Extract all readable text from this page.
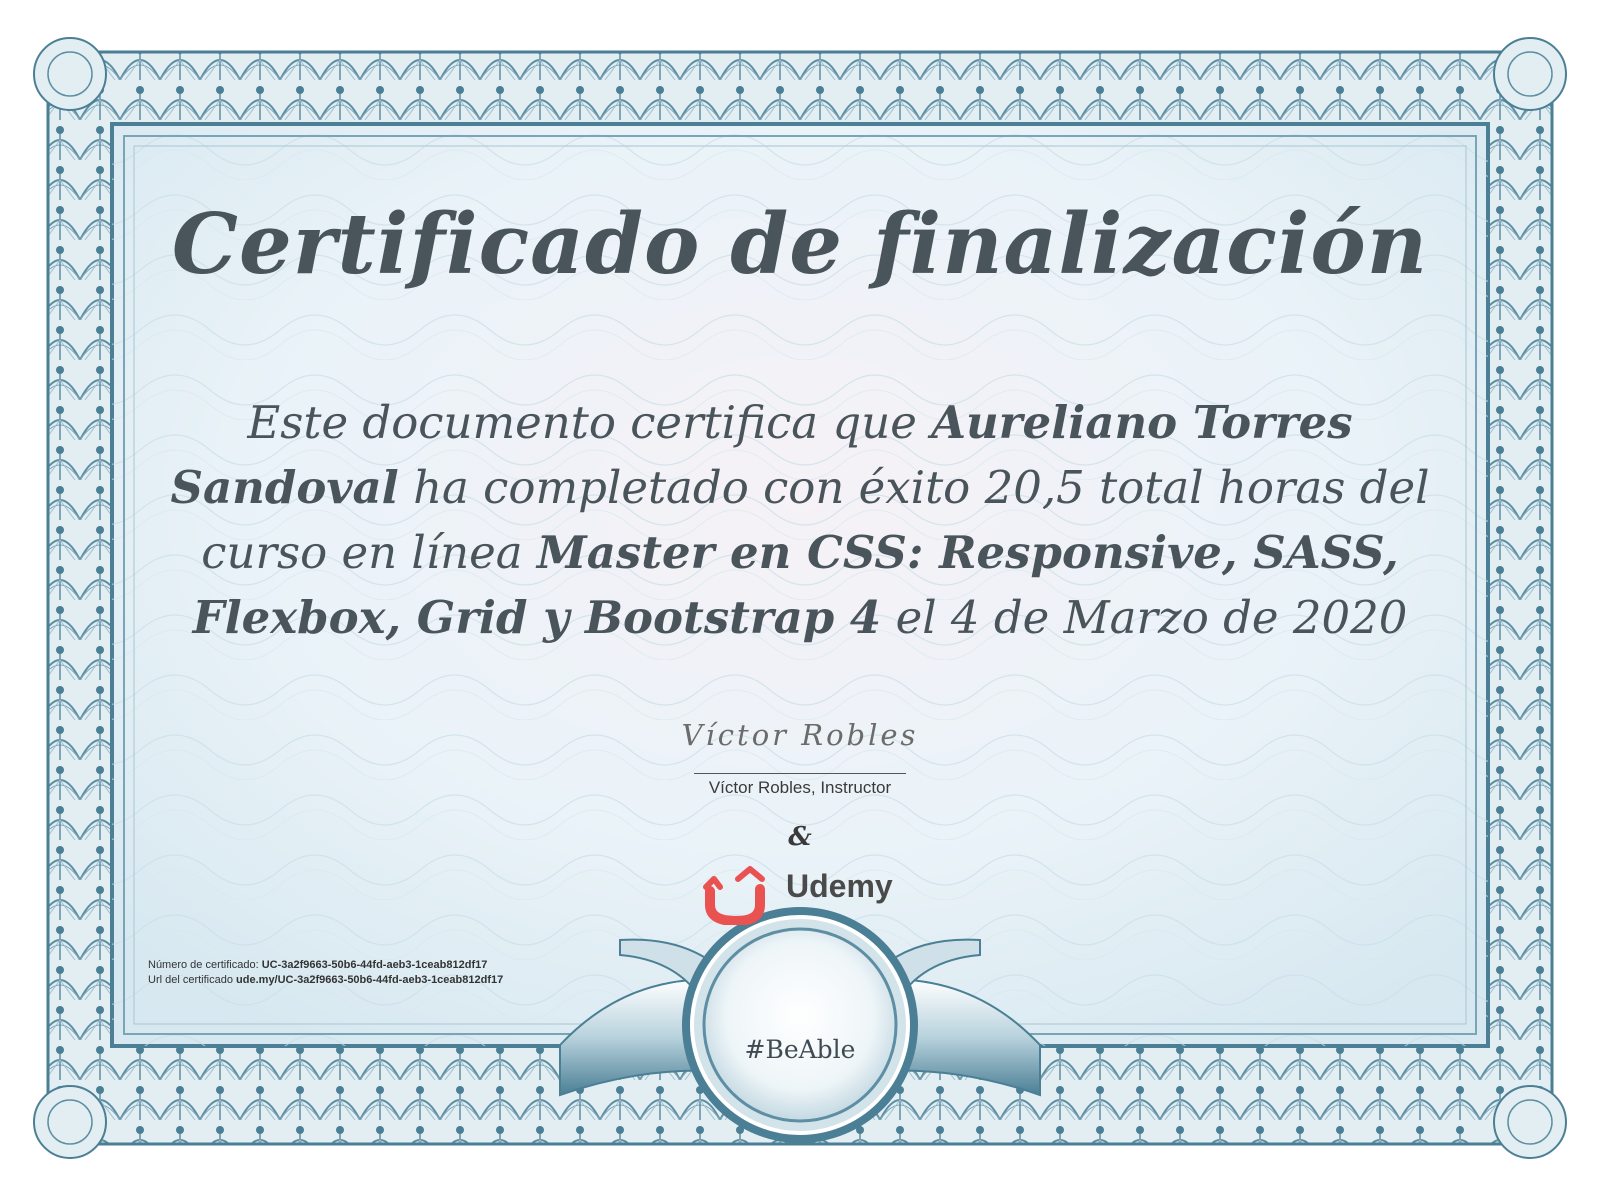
Certificado de finalización

Este documento certifica que Aureliano Torres Sandoval ha completado con éxito 20,5 total horas del curso en línea Master en CSS: Responsive, SASS, Flexbox, Grid y Bootstrap 4 el 4 de Marzo de 2020

Víctor Robles
Víctor Robles, Instructor
&
Udemy
Número de certificado: UC-3a2f9663-50b6-44fd-aeb3-1ceab812df17
Url del certificado ude.my/UC-3a2f9663-50b6-44fd-aeb3-1ceab812df17
#BeAble
